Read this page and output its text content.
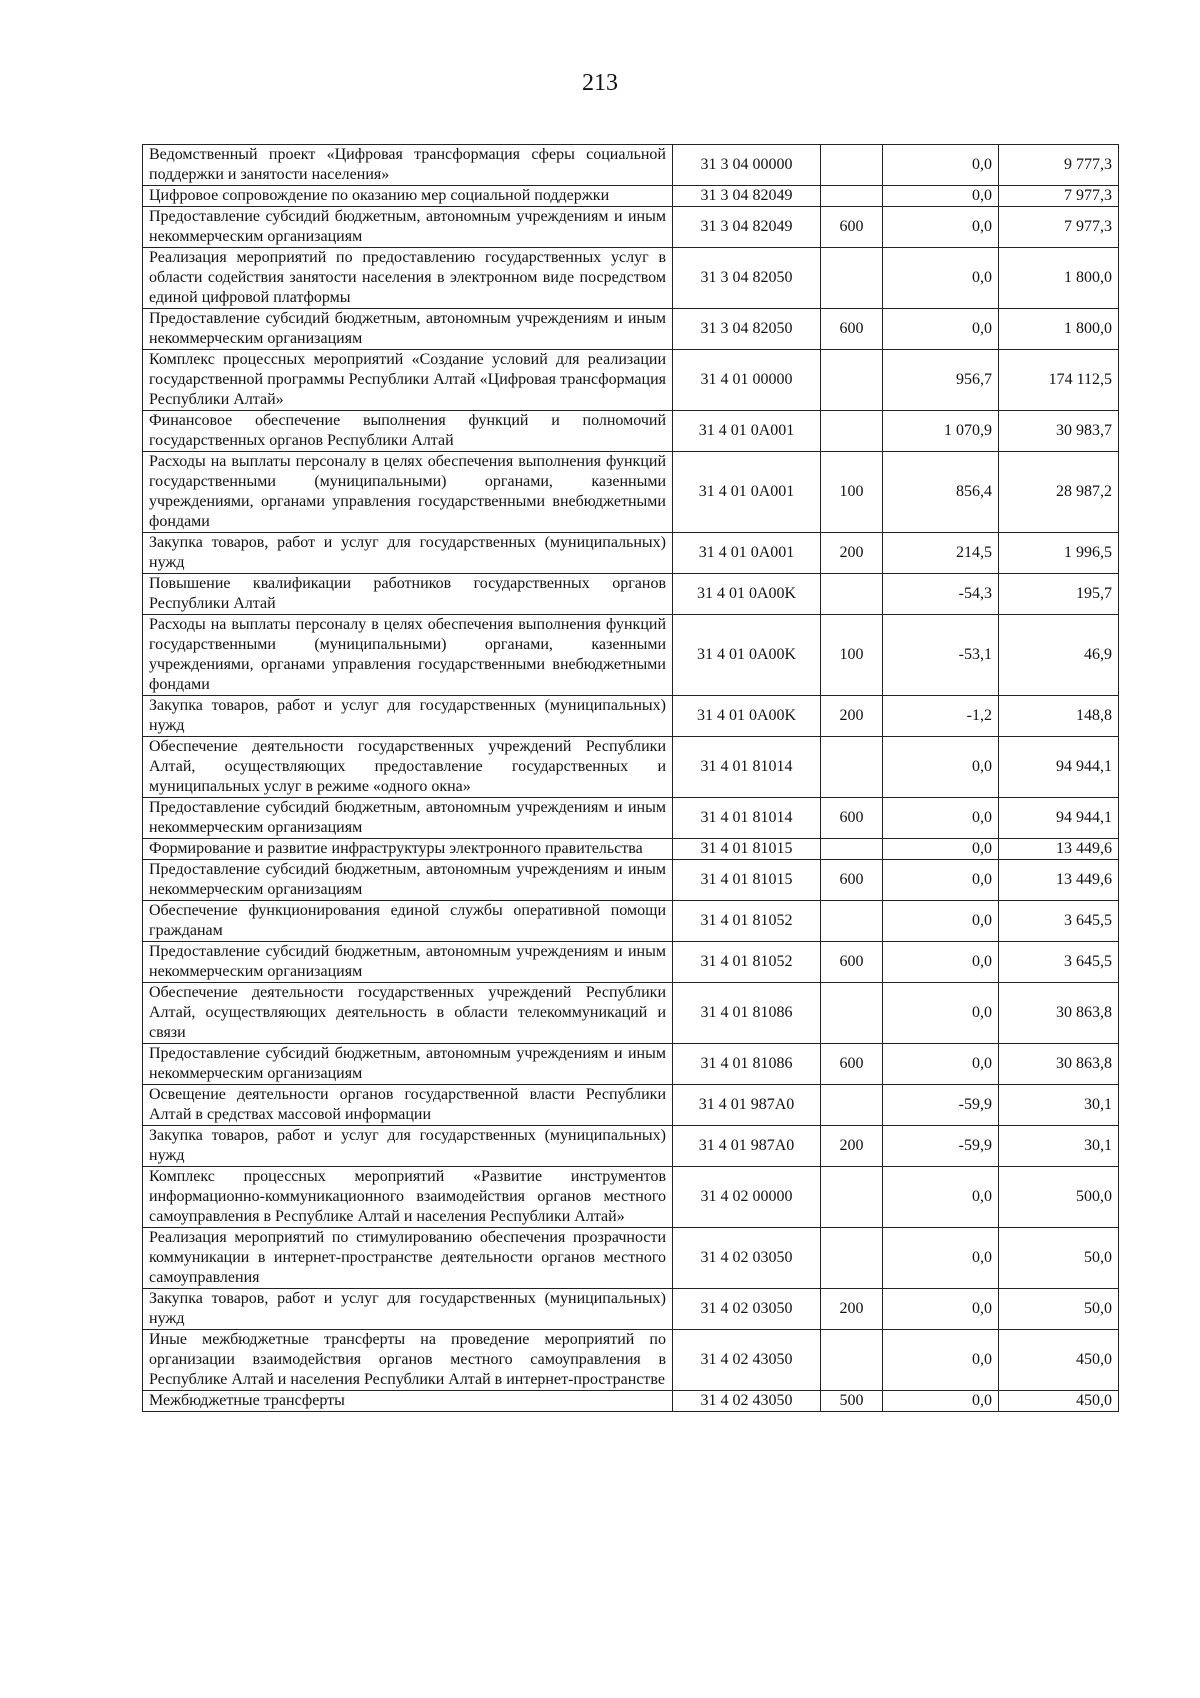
213
Ведомственный проект «Цифровая трансформация сферы социальной поддержки и занятости населения»	31 3 04 00000		0,0	9 777,3
Цифровое сопровождение по оказанию мер социальной поддержки	31 3 04 82049		0,0	7 977,3
Предоставление субсидий бюджетным, автономным учреждениям и иным некоммерческим организациям	31 3 04 82049	600	0,0	7 977,3
Реализация мероприятий по предоставлению государственных услуг в области содействия занятости населения в электронном виде посредством единой цифровой платформы	31 3 04 82050		0,0	1 800,0
Предоставление субсидий бюджетным, автономным учреждениям и иным некоммерческим организациям	31 3 04 82050	600	0,0	1 800,0
Комплекс процессных мероприятий «Создание условий для реализации государственной программы Республики Алтай «Цифровая трансформация Республики Алтай»	31 4 01 00000		956,7	174 112,5
Финансовое обеспечение выполнения функций и полномочий государственных органов Республики Алтай	31 4 01 0A001		1 070,9	30 983,7
Расходы на выплаты персоналу в целях обеспечения выполнения функций государственными (муниципальными) органами, казенными учреждениями, органами управления государственными внебюджетными фондами	31 4 01 0A001	100	856,4	28 987,2
Закупка товаров, работ и услуг для государственных (муниципальных) нужд	31 4 01 0A001	200	214,5	1 996,5
Повышение квалификации работников государственных органов Республики Алтай	31 4 01 0A00K		-54,3	195,7
Расходы на выплаты персоналу в целях обеспечения выполнения функций государственными (муниципальными) органами, казенными учреждениями, органами управления государственными внебюджетными фондами	31 4 01 0A00K	100	-53,1	46,9
Закупка товаров, работ и услуг для государственных (муниципальных) нужд	31 4 01 0A00K	200	-1,2	148,8
Обеспечение деятельности государственных учреждений Республики Алтай, осуществляющих предоставление государственных и муниципальных услуг в режиме «одного окна»	31 4 01 81014		0,0	94 944,1
Предоставление субсидий бюджетным, автономным учреждениям и иным некоммерческим организациям	31 4 01 81014	600	0,0	94 944,1
Формирование и развитие инфраструктуры электронного правительства	31 4 01 81015		0,0	13 449,6
Предоставление субсидий бюджетным, автономным учреждениям и иным некоммерческим организациям	31 4 01 81015	600	0,0	13 449,6
Обеспечение функционирования единой службы оперативной помощи гражданам	31 4 01 81052		0,0	3 645,5
Предоставление субсидий бюджетным, автономным учреждениям и иным некоммерческим организациям	31 4 01 81052	600	0,0	3 645,5
Обеспечение деятельности государственных учреждений Республики Алтай, осуществляющих деятельность в области телекоммуникаций и связи	31 4 01 81086		0,0	30 863,8
Предоставление субсидий бюджетным, автономным учреждениям и иным некоммерческим организациям	31 4 01 81086	600	0,0	30 863,8
Освещение деятельности органов государственной власти Республики Алтай в средствах массовой информации	31 4 01 987A0		-59,9	30,1
Закупка товаров, работ и услуг для государственных (муниципальных) нужд	31 4 01 987A0	200	-59,9	30,1
Комплекс процессных мероприятий «Развитие инструментов информационно-коммуникационного взаимодействия органов местного самоуправления в Республике Алтай и населения Республики Алтай»	31 4 02 00000		0,0	500,0
Реализация мероприятий по стимулированию обеспечения прозрачности коммуникации в интернет-пространстве деятельности органов местного самоуправления	31 4 02 03050		0,0	50,0
Закупка товаров, работ и услуг для государственных (муниципальных) нужд	31 4 02 03050	200	0,0	50,0
Иные межбюджетные трансферты на проведение мероприятий по организации взаимодействия органов местного самоуправления в Республике Алтай и населения Республики Алтай в интернет-пространстве	31 4 02 43050		0,0	450,0
Межбюджетные трансферты	31 4 02 43050	500	0,0	450,0
